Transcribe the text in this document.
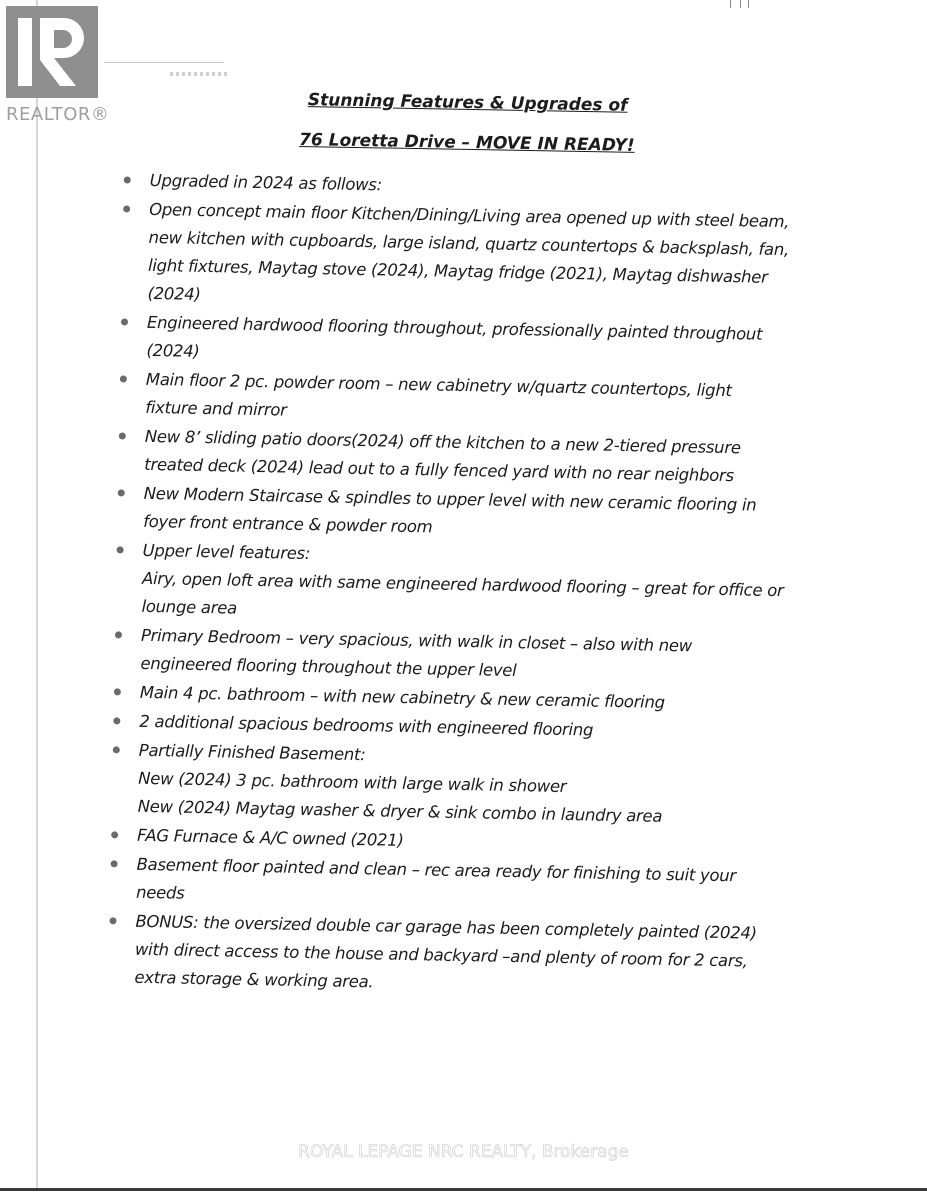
REALTOR®	Stunning Features & Upgrades of
76 Loretta Drive – MOVE IN READY!
Upgraded in 2024 as follows:
Open concept main floor Kitchen/Dining/Living area opened up with steel beam, new kitchen with cupboards, large island, quartz countertops & backsplash, fan, light fixtures, Maytag stove (2024), Maytag fridge (2021), Maytag dishwasher (2024)
Engineered hardwood flooring throughout, professionally painted throughout (2024)
Main floor 2 pc. powder room – new cabinetry w/quartz countertops, light fixture and mirror
New 8’ sliding patio doors(2024) off the kitchen to a new 2-tiered pressure treated deck (2024) lead out to a fully fenced yard with no rear neighbors
New Modern Staircase & spindles to upper level with new ceramic flooring in foyer front entrance & powder room
Upper level features:
Airy, open loft area with same engineered hardwood flooring – great for office or lounge area
Primary Bedroom – very spacious, with walk in closet – also with new engineered flooring throughout the upper level
Main 4 pc. bathroom – with new cabinetry & new ceramic flooring
2 additional spacious bedrooms with engineered flooring
Partially Finished Basement:
New (2024) 3 pc. bathroom with large walk in shower
New (2024) Maytag washer & dryer & sink combo in laundry area
FAG Furnace & A/C owned (2021)
Basement floor painted and clean – rec area ready for finishing to suit your needs
BONUS: the oversized double car garage has been completely painted (2024) with direct access to the house and backyard –and plenty of room for 2 cars, extra storage & working area.
ROYAL LEPAGE NRC REALTY, Brokerage
